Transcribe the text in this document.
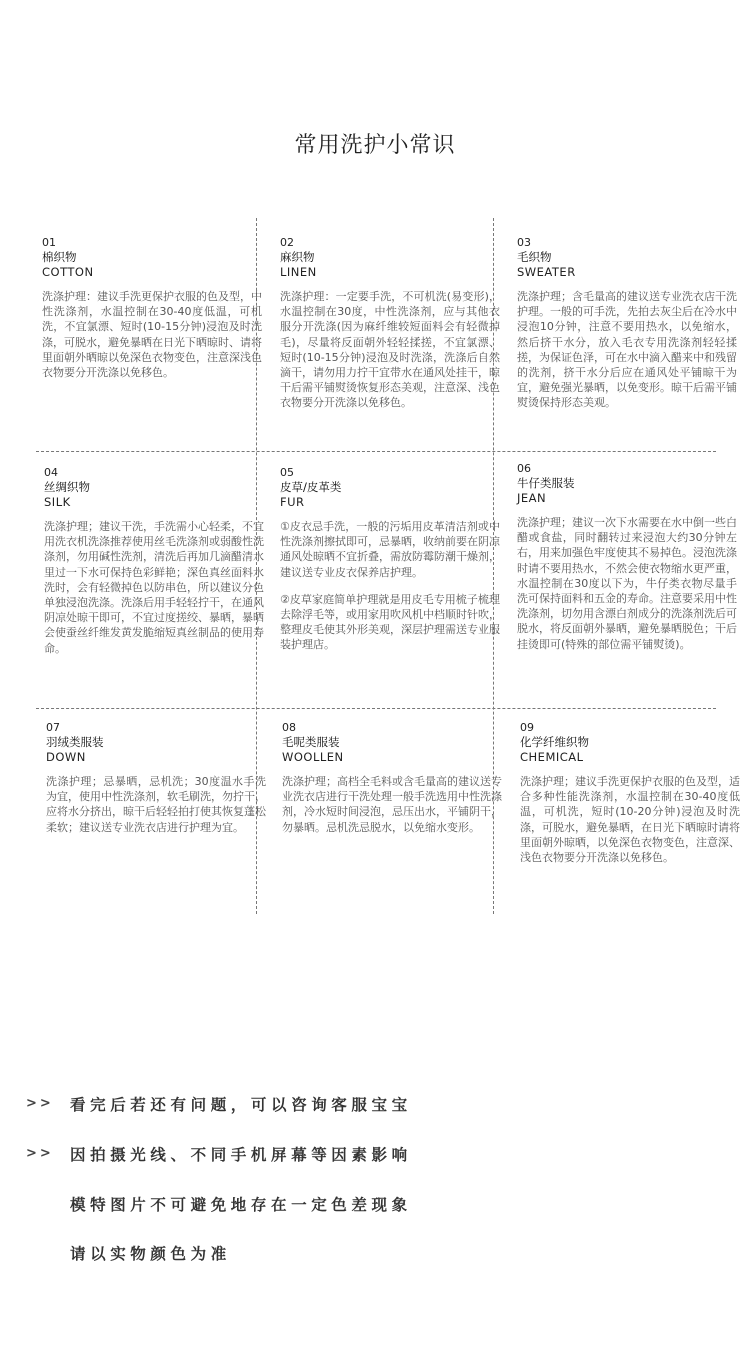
常用洗护小常识
01
棉织物
COTTON

洗涤护理：建议手洗更保护衣服的色及型，中性洗涤剂，水温控制在30-40度低温，可机洗，不宜氯漂、短时(10-15分钟)浸泡及时洗涤，可脱水，避免暴晒在日光下晒晾时、请将里面朝外晒晾以免深色衣物变色，注意深浅色衣物要分开洗涤以免移色。

02
麻织物
LINEN

洗涤护理：一定要手洗，不可机洗(易变形)，水温控制在30度，中性洗涤剂，应与其他衣服分开洗涤(因为麻纤维较短面料会有轻微掉毛)，尽量将反面朝外轻轻揉搓，不宜氯漂、短时(10-15分钟)浸泡及时洗涤，洗涤后自然滴干，请勿用力拧干宜带水在通风处挂干，晾干后需平铺熨烫恢复形态美观，注意深、浅色衣物要分开洗涤以免移色。

03
毛织物
SWEATER

洗涤护理；含毛量高的建议送专业洗衣店干洗护理。一般的可手洗，先拍去灰尘后在冷水中浸泡10分钟，注意不要用热水，以免缩水，然后挤干水分，放入毛衣专用洗涤剂轻轻揉搓，为保证色泽，可在水中滴入醋来中和残留的洗剂，挤干水分后应在通风处平铺晾干为宜，避免强光暴晒，以免变形。晾干后需平铺熨烫保持形态美观。

04
丝绸织物
SILK

洗涤护理；建议干洗，手洗需小心轻柔，不宜用洗衣机洗涤推荐使用丝毛洗涤剂或弱酸性洗涤剂，勿用碱性洗剂，清洗后再加几滴醋清水里过一下水可保持色彩鲜艳；深色真丝面料水洗时，会有轻微掉色以防串色，所以建议分色单独浸泡洗涤。洗涤后用手轻轻拧干，在通风阴凉处晾干即可，不宜过度搓绞、暴晒，暴晒会使蚕丝纤维发黄发脆缩短真丝制品的使用寿命。

05
皮草/皮革类
FUR

①皮衣忌手洗，一般的污垢用皮革清洁剂或中性洗涤剂擦拭即可，忌暴晒，收纳前要在阴凉通风处晾晒不宜折叠，需放防霉防潮干燥剂，建议送专业皮衣保养店护理。

②皮草家庭简单护理就是用皮毛专用梳子梳理去除浮毛等，或用家用吹风机中档顺时针吹，整理皮毛使其外形美观，深层护理需送专业服装护理店。

06
牛仔类服装
JEAN

洗涤护理；建议一次下水需要在水中倒一些白醋或食盐，同时翻转过来浸泡大约30分钟左右，用来加强色牢度使其不易掉色。浸泡洗涤时请不要用热水，不然会使衣物缩水更严重，水温控制在30度以下为，牛仔类衣物尽量手洗可保持面料和五金的寿命。注意要采用中性洗涤剂，切勿用含漂白剂成分的洗涤剂洗后可脱水，将反面朝外暴晒，避免暴晒脱色；干后挂烫即可(特殊的部位需平铺熨烫)。

07
羽绒类服装
DOWN

洗涤护理；忌暴晒，忌机洗；30度温水手洗为宜，使用中性洗涤剂，软毛刷洗，勿拧干，应将水分挤出，晾干后轻轻拍打使其恢复蓬松柔软；建议送专业洗衣店进行护理为宜。

08
毛呢类服装
WOOLLEN

洗涤护理；高档全毛料或含毛量高的建议送专业洗衣店进行干洗处理一般手洗选用中性洗涤剂，冷水短时间浸泡，忌压出水，平铺阴干，勿暴晒。忌机洗忌脱水，以免缩水变形。

09
化学纤维织物
CHEMICAL

洗涤护理；建议手洗更保护衣服的色及型，适合多种性能洗涤剂，水温控制在30-40度低温，可机洗，短时(10-20分钟)浸泡及时洗涤，可脱水，避免暴晒，在日光下晒晾时请将里面朝外晾晒，以免深色衣物变色，注意深、浅色衣物要分开洗涤以免移色。

>> 看完后若还有问题，可以咨询客服宝宝
>> 因拍摄光线、不同手机屏幕等因素影响
模特图片不可避免地存在一定色差现象
请以实物颜色为准
